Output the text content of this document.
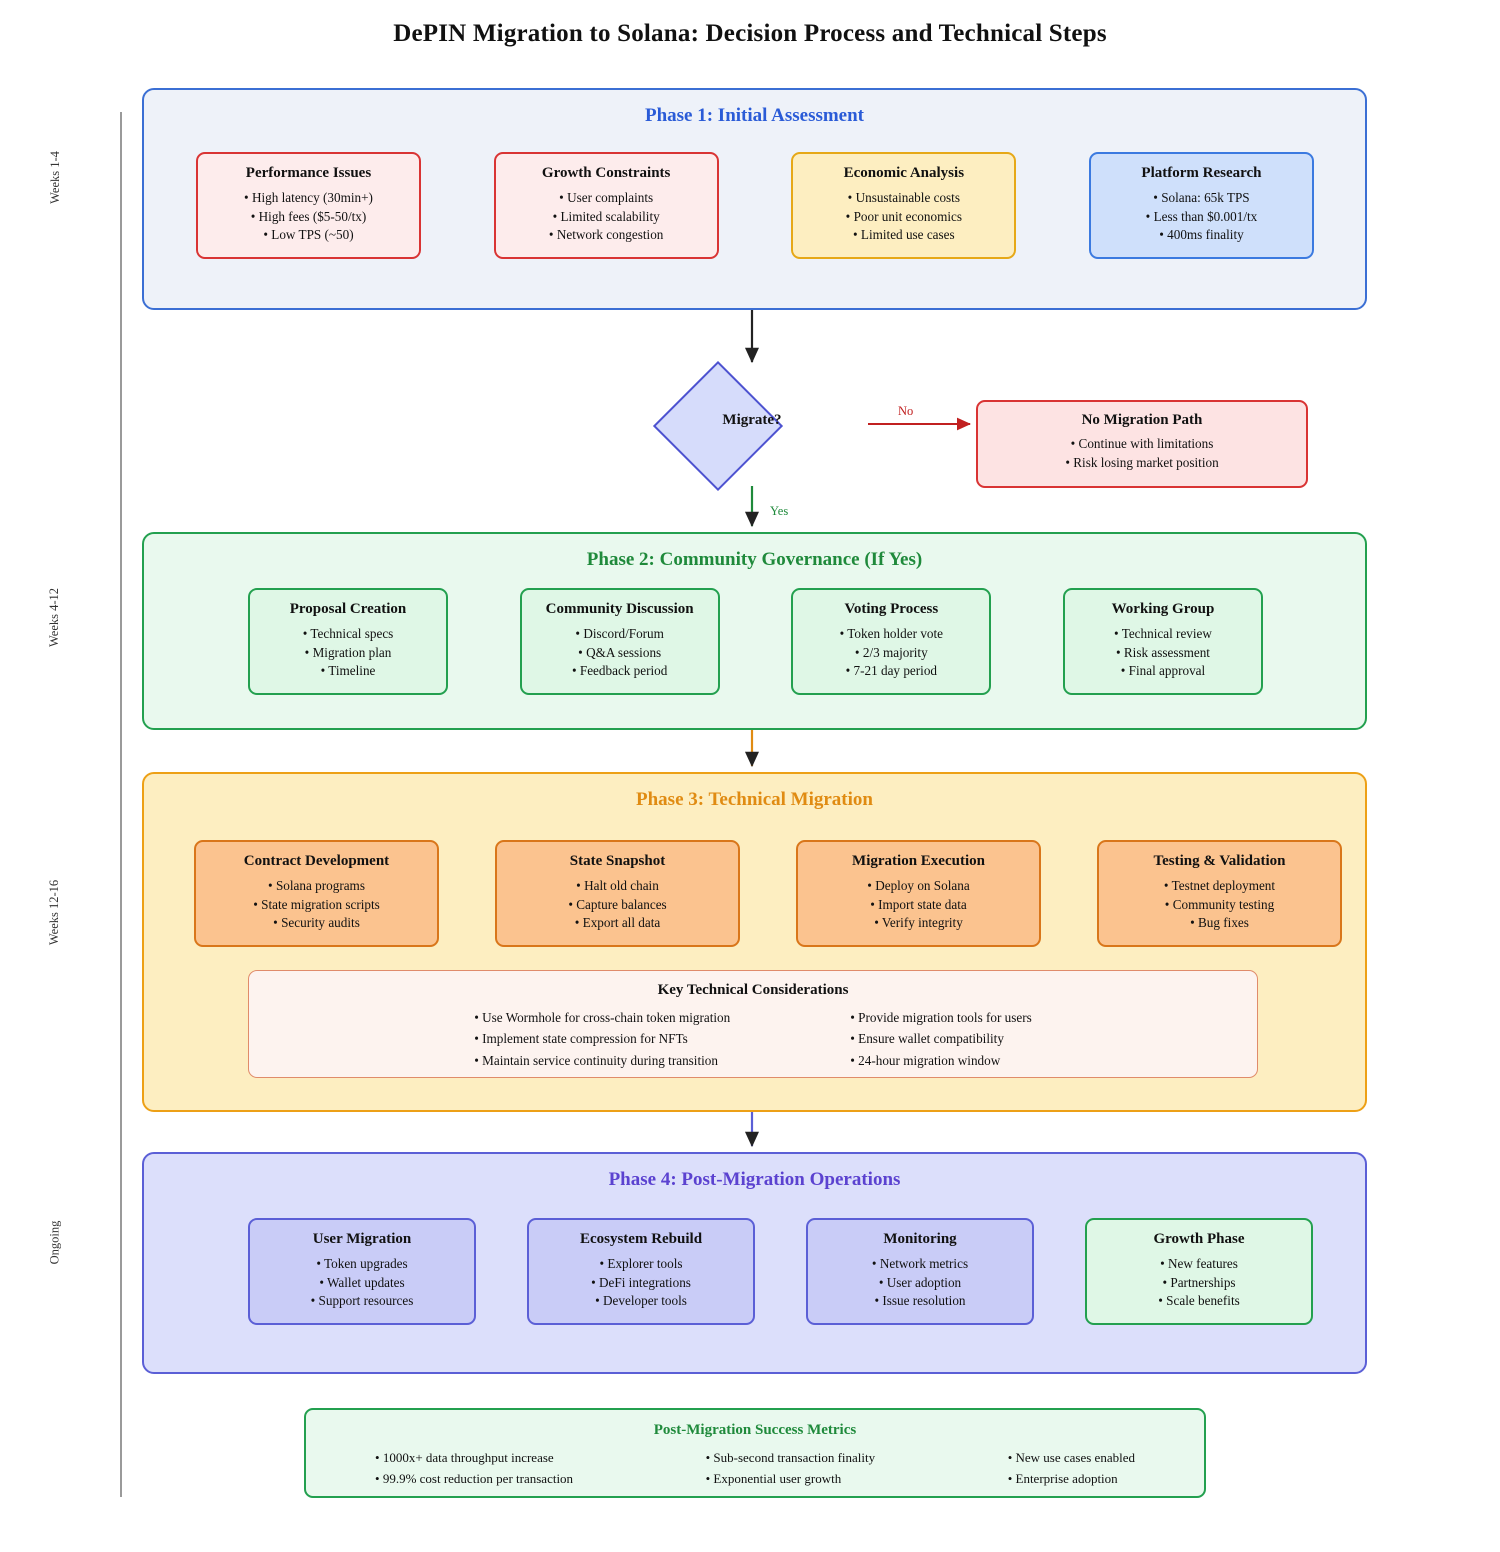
DePIN Migration to Solana: Decision Process and Technical Steps
Weeks 1-4
Weeks 4-12
Weeks 12-16
Ongoing
Phase 1: Initial Assessment
Performance Issues
• High latency (30min+)
• High fees ($5-50/tx)
• Low TPS (~50)
Growth Constraints
• User complaints
• Limited scalability
• Network congestion
Economic Analysis
• Unsustainable costs
• Poor unit economics
• Limited use cases
Platform Research
• Solana: 65k TPS
• Less than $0.001/tx
• 400ms finality
Migrate?
No
Yes
No Migration Path
• Continue with limitations
• Risk losing market position
Phase 2: Community Governance (If Yes)
Proposal Creation
• Technical specs
• Migration plan
• Timeline
Community Discussion
• Discord/Forum
• Q&A sessions
• Feedback period
Voting Process
• Token holder vote
• 2/3 majority
• 7-21 day period
Working Group
• Technical review
• Risk assessment
• Final approval
Phase 3: Technical Migration
Contract Development
• Solana programs
• State migration scripts
• Security audits
State Snapshot
• Halt old chain
• Capture balances
• Export all data
Migration Execution
• Deploy on Solana
• Import state data
• Verify integrity
Testing & Validation
• Testnet deployment
• Community testing
• Bug fixes
Key Technical Considerations
• Use Wormhole for cross-chain token migration
• Implement state compression for NFTs
• Maintain service continuity during transition
• Provide migration tools for users
• Ensure wallet compatibility
• 24-hour migration window
Phase 4: Post-Migration Operations
User Migration
• Token upgrades
• Wallet updates
• Support resources
Ecosystem Rebuild
• Explorer tools
• DeFi integrations
• Developer tools
Monitoring
• Network metrics
• User adoption
• Issue resolution
Growth Phase
• New features
• Partnerships
• Scale benefits
Post-Migration Success Metrics
• 1000x+ data throughput increase
• 99.9% cost reduction per transaction
• Sub-second transaction finality
• Exponential user growth
• New use cases enabled
• Enterprise adoption
